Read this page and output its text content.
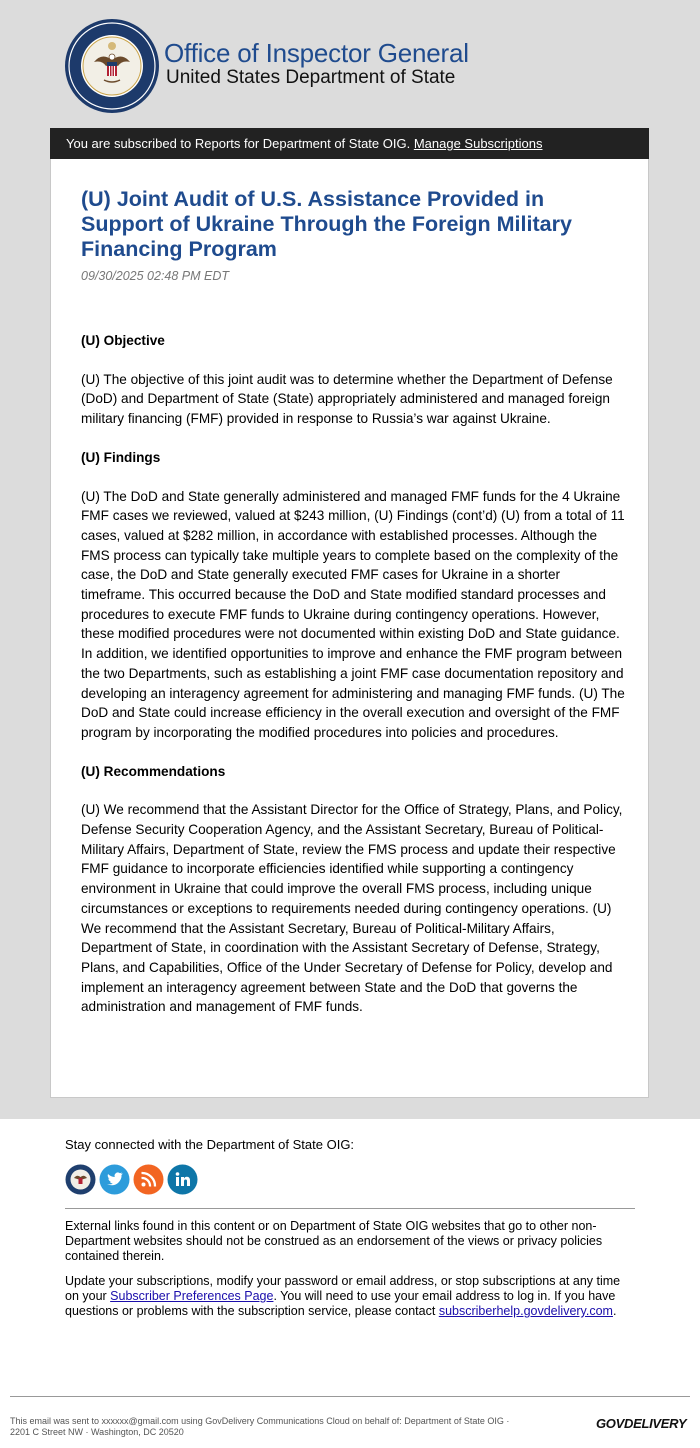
Office of Inspector General
United States Department of State
You are subscribed to Reports for Department of State OIG. Manage Subscriptions
(U) Joint Audit of U.S. Assistance Provided in Support of Ukraine Through the Foreign Military Financing Program
09/30/2025 02:48 PM EDT
(U) Objective

(U) The objective of this joint audit was to determine whether the Department of Defense (DoD) and Department of State (State) appropriately administered and managed foreign military financing (FMF) provided in response to Russia’s war against Ukraine.

(U) Findings

(U) The DoD and State generally administered and managed FMF funds for the 4 Ukraine FMF cases we reviewed, valued at $243 million, (U) Findings (cont’d) (U) from a total of 11 cases, valued at $282 million, in accordance with established processes. Although the FMS process can typically take multiple years to complete based on the complexity of the case, the DoD and State generally executed FMF cases for Ukraine in a shorter timeframe. This occurred because the DoD and State modified standard processes and procedures to execute FMF funds to Ukraine during contingency operations. However, these modified procedures were not documented within existing DoD and State guidance. In addition, we identified opportunities to improve and enhance the FMF program between the two Departments, such as establishing a joint FMF case documentation repository and developing an interagency agreement for administering and managing FMF funds. (U) The DoD and State could increase efficiency in the overall execution and oversight of the FMF program by incorporating the modified procedures into policies and procedures.

(U) Recommendations

(U) We recommend that the Assistant Director for the Office of Strategy, Plans, and Policy, Defense Security Cooperation Agency, and the Assistant Secretary, Bureau of Political-Military Affairs, Department of State, review the FMS process and update their respective FMF guidance to incorporate efficiencies identified while supporting a contingency environment in Ukraine that could improve the overall FMS process, including unique circumstances or exceptions to requirements needed during contingency operations. (U) We recommend that the Assistant Secretary, Bureau of Political-Military Affairs, Department of State, in coordination with the Assistant Secretary of Defense, Strategy, Plans, and Capabilities, Office of the Under Secretary of Defense for Policy, develop and implement an interagency agreement between State and the DoD that governs the administration and management of FMF funds.

Stay connected with the Department of State OIG:

External links found in this content or on Department of State OIG websites that go to other non-Department websites should not be construed as an endorsement of the views or privacy policies contained therein.

Update your subscriptions, modify your password or email address, or stop subscriptions at any time on your Subscriber Preferences Page. You will need to use your email address to log in. If you have questions or problems with the subscription service, please contact subscriberhelp.govdelivery.com.

This email was sent to xxxxxx@gmail.com using GovDelivery Communications Cloud on behalf of: Department of State OIG ·
2201 C Street NW · Washington, DC 20520
GOVDELIVERY
